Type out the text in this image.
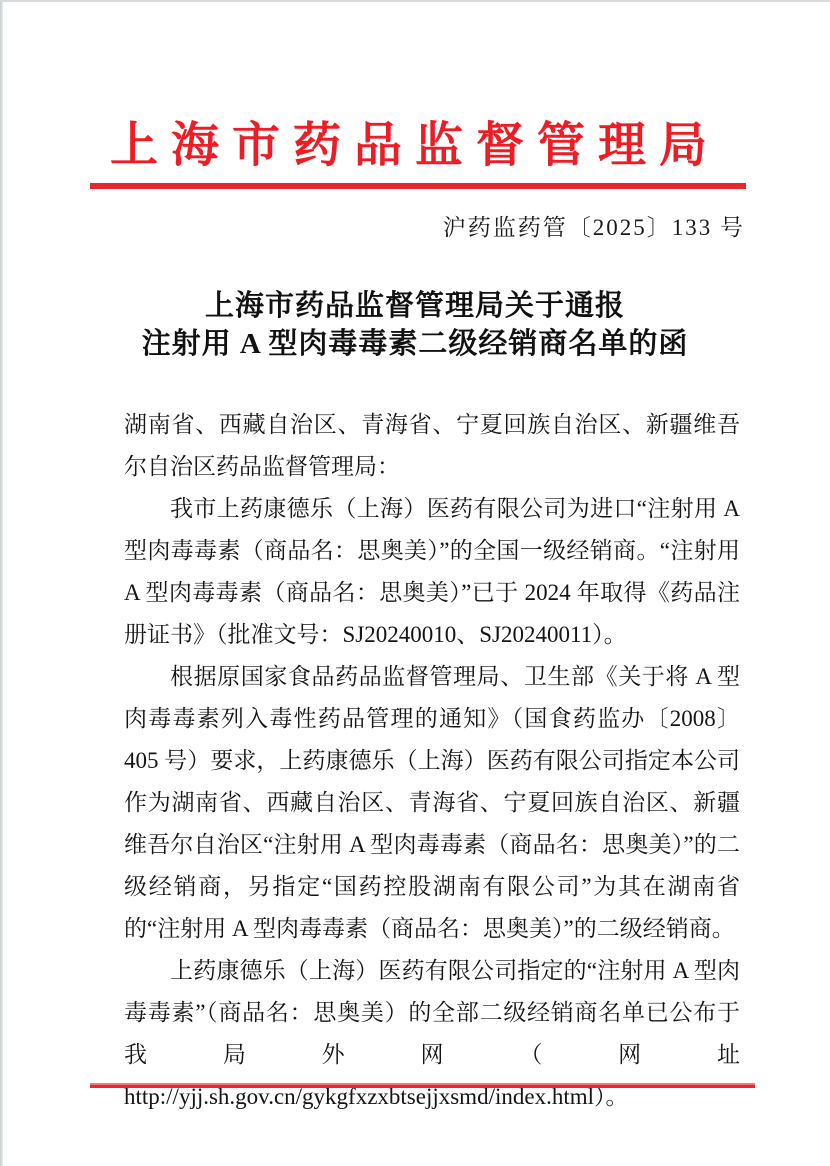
上海市药品监督管理局
沪药监药管〔2025〕133 号
上海市药品监督管理局关于通报
注射用 A 型肉毒毒素二级经销商名单的函

湖南省、西藏自治区、青海省、宁夏回族自治区、新疆维吾尔自治区药品监督管理局：

我市上药康德乐（上海）医药有限公司为进口“注射用 A 型肉毒毒素（商品名：思奥美）”的全国一级经销商。“注射用 A 型肉毒毒素（商品名：思奥美）”已于 2024 年取得《药品注册证书》（批准文号：SJ20240010、SJ20240011）。

根据原国家食品药品监督管理局、卫生部《关于将 A 型肉毒毒素列入毒性药品管理的通知》（国食药监办〔2008〕405 号）要求，上药康德乐（上海）医药有限公司指定本公司作为湖南省、西藏自治区、青海省、宁夏回族自治区、新疆维吾尔自治区“注射用 A 型肉毒毒素（商品名：思奥美）”的二级经销商，另指定“国药控股湖南有限公司”为其在湖南省的“注射用 A 型肉毒毒素（商品名：思奥美）”的二级经销商。

上药康德乐（上海）医药有限公司指定的“注射用 A 型肉毒毒素”（商品名：思奥美）的全部二级经销商名单已公布于我局外网（网址 http://yjj.sh.gov.cn/gykgfxzxbtsejjxsmd/index.html）。
